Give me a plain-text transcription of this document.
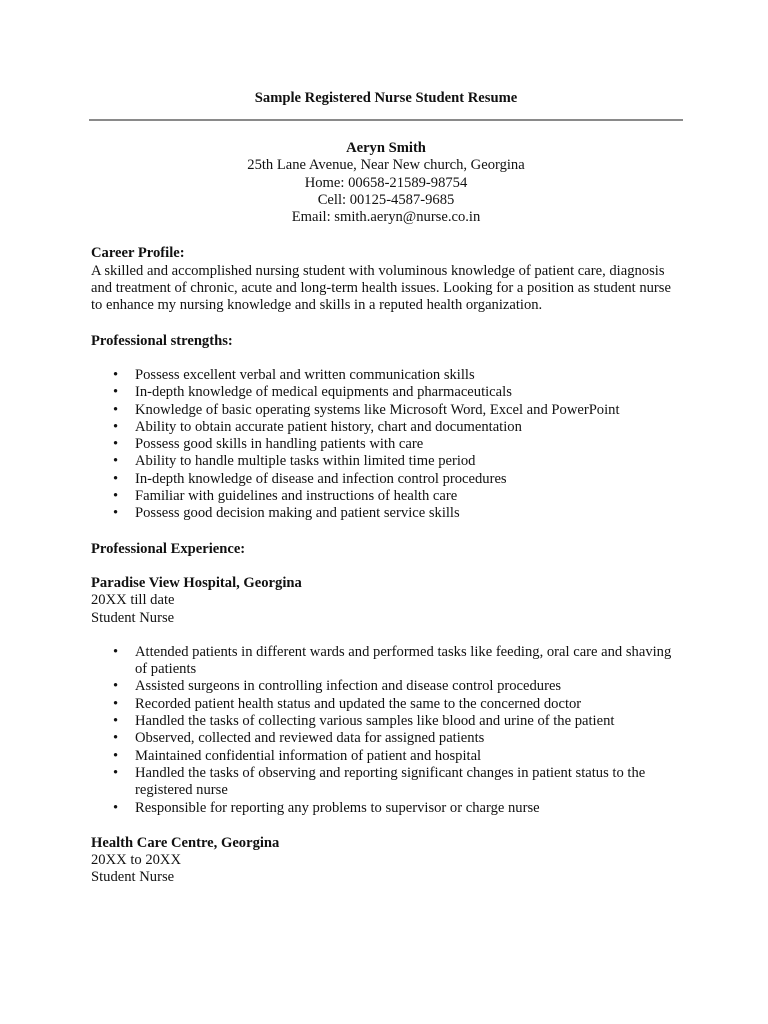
Sample Registered Nurse Student Resume
Aeryn Smith
25th Lane Avenue, Near New church, Georgina
Home: 00658-21589-98754
Cell: 00125-4587-9685
Email: smith.aeryn@nurse.co.in
Career Profile:

A skilled and accomplished nursing student with voluminous knowledge of patient care, diagnosis and treatment of chronic, acute and long-term health issues. Looking for a position as student nurse to enhance my nursing knowledge and skills in a reputed health organization.

Professional strengths:
• Possess excellent verbal and written communication skills
• In-depth knowledge of medical equipments and pharmaceuticals
• Knowledge of basic operating systems like Microsoft Word, Excel and PowerPoint
• Ability to obtain accurate patient history, chart and documentation
• Possess good skills in handling patients with care
• Ability to handle multiple tasks within limited time period
• In-depth knowledge of disease and infection control procedures
• Familiar with guidelines and instructions of health care
• Possess good decision making and patient service skills
Professional Experience:
Paradise View Hospital, Georgina
20XX till date
Student Nurse
• Attended patients in different wards and performed tasks like feeding, oral care and shaving of patients
• Assisted surgeons in controlling infection and disease control procedures
• Recorded patient health status and updated the same to the concerned doctor
• Handled the tasks of collecting various samples like blood and urine of the patient
• Observed, collected and reviewed data for assigned patients
• Maintained confidential information of patient and hospital
• Handled the tasks of observing and reporting significant changes in patient status to the registered nurse
• Responsible for reporting any problems to supervisor or charge nurse
Health Care Centre, Georgina
20XX to 20XX
Student Nurse
